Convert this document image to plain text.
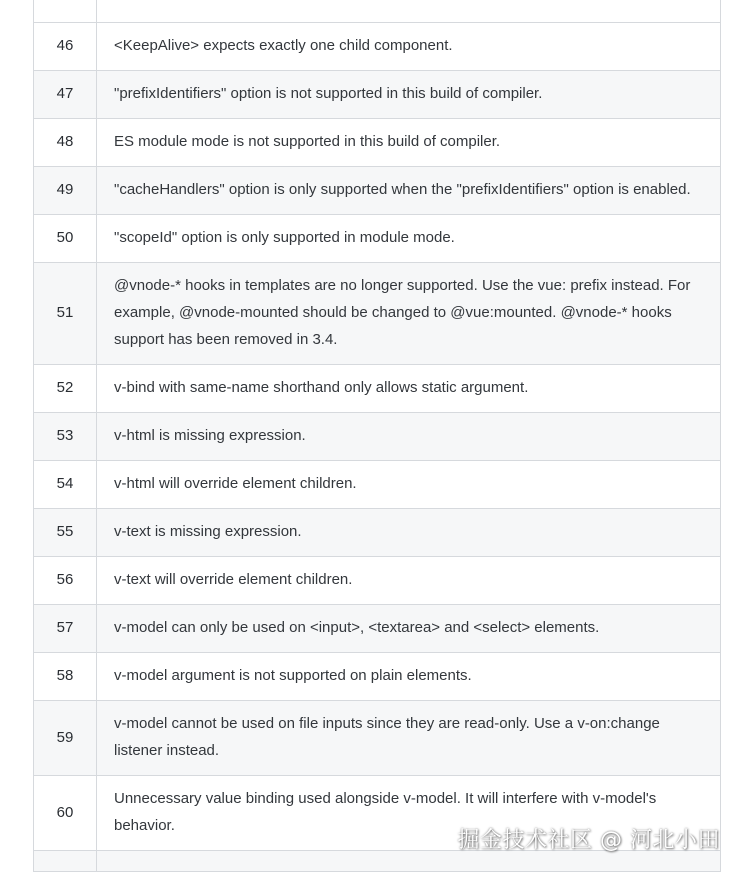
46	<KeepAlive> expects exactly one child component.
47	"prefixIdentifiers" option is not supported in this build of compiler.
48	ES module mode is not supported in this build of compiler.
49	"cacheHandlers" option is only supported when the "prefixIdentifiers" option is enabled.
50	"scopeId" option is only supported in module mode.
51	@vnode-* hooks in templates are no longer supported. Use the vue: prefix instead. For example, @vnode-mounted should be changed to @vue:mounted. @vnode-* hooks support has been removed in 3.4.
52	v-bind with same-name shorthand only allows static argument.
53	v-html is missing expression.
54	v-html will override element children.
55	v-text is missing expression.
56	v-text will override element children.
57	v-model can only be used on <input>, <textarea> and <select> elements.
58	v-model argument is not supported on plain elements.
59	v-model cannot be used on file inputs since they are read-only. Use a v-on:change listener instead.
60	Unnecessary value binding used alongside v-model. It will interfere with v-model's behavior.

掘金技术社区 @ 河北小田
